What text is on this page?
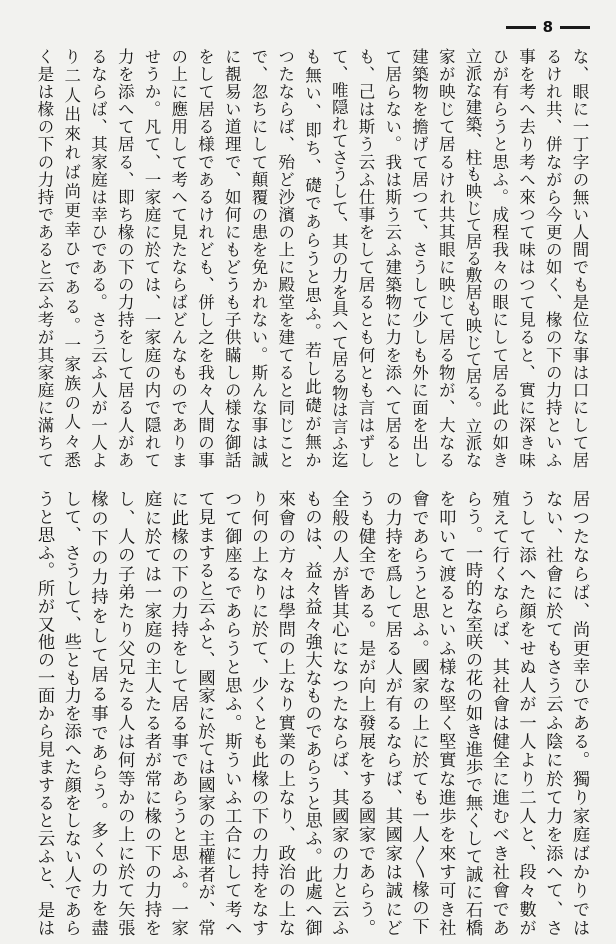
8
な、眼に一丁字の無い人間でも是位な事は口にして居
るけれ共、併ながら今更の如く、椽の下の力持といふ
事を考へ去り考へ來つて味はつて見ると、實に深き味
ひが有らうと思ふ。成程我々の眼にして居る此の如き
立派な建築、柱も映じて居る敷居も映じて居る。立派な
家が映じて居るけれ共其眼に映じて居る物が、大なる
建築物を擔げて居つて、さうして少しも外に面を出し
て居らない。我は斯う云ふ建築物に力を添へて居ると
も、己は斯う云ふ仕事をして居るとも何とも言はずし
て、唯隠れてさうして、其の力を具へて居る物は言ふ迄
も無い、即ち、礎であらうと思ふ。若し此礎が無か
つたならば、殆ど沙濱の上に殿堂を建てると同じこと
で、忽ちにして顛覆の患を免かれない。斯んな事は誠
に覩易い道理で、如何にもどうも子供瞞しの様な御話
をして居る様であるけれども、併し之を我々人間の事
の上に應用して考へて見たならばどんなものでありま
せうか。凡て、一家庭に於ては、一家庭の内で隠れて
力を添へて居る、即ち椽の下の力持をして居る人があ
るならば、其家庭は幸ひである。さう云ふ人が一人よ
り二人出來れば尚更幸ひである。一家族の人々悉
く是は椽の下の力持であると云ふ考が其家庭に滿ちて
居つたならば、尚更幸ひである。獨り家庭ばかりでは
ない、社會に於てもさう云ふ陰に於て力を添へて、さ
うして添へた顔をせぬ人が一人より二人と、段々數が
殖えて行くならば、其社會は健全に進むべき社會であ
らう。一時的な室咲の花の如き進歩で無くして誠に石橋
を叩いて渡るといふ様な堅く堅實な進歩を來す可き社
會であらうと思ふ。國家の上に於ても一人〳〵椽の下
の力持を爲して居る人が有るならば、其國家は誠にど
うも健全である。是が向上發展をする國家であらう。
全般の人が皆其心になつたならば、其國家の力と云ふ
ものは、益々益々強大なものであらうと思ふ。此處へ御
來會の方々は學問の上なり實業の上なり、政治の上な
り何の上なりに於て、少くとも此椽の下の力持をなす
つて御座るであらうと思ふ。斯ういふ工合にして考へ
て見ますると云ふと、國家に於ては國家の主權者が、常
に此椽の下の力持をして居る事であらうと思ふ。一家
庭に於ては一家庭の主人たる者が常に椽の下の力持を
し、人の子弟たり父兄たる人は何等かの上に於て矢張
椽の下の力持をして居る事であらう。多くの力を盡
して、さうして、些とも力を添へた顔をしない人であら
うと思ふ。所が又他の一面から見ますると云ふと、是は
